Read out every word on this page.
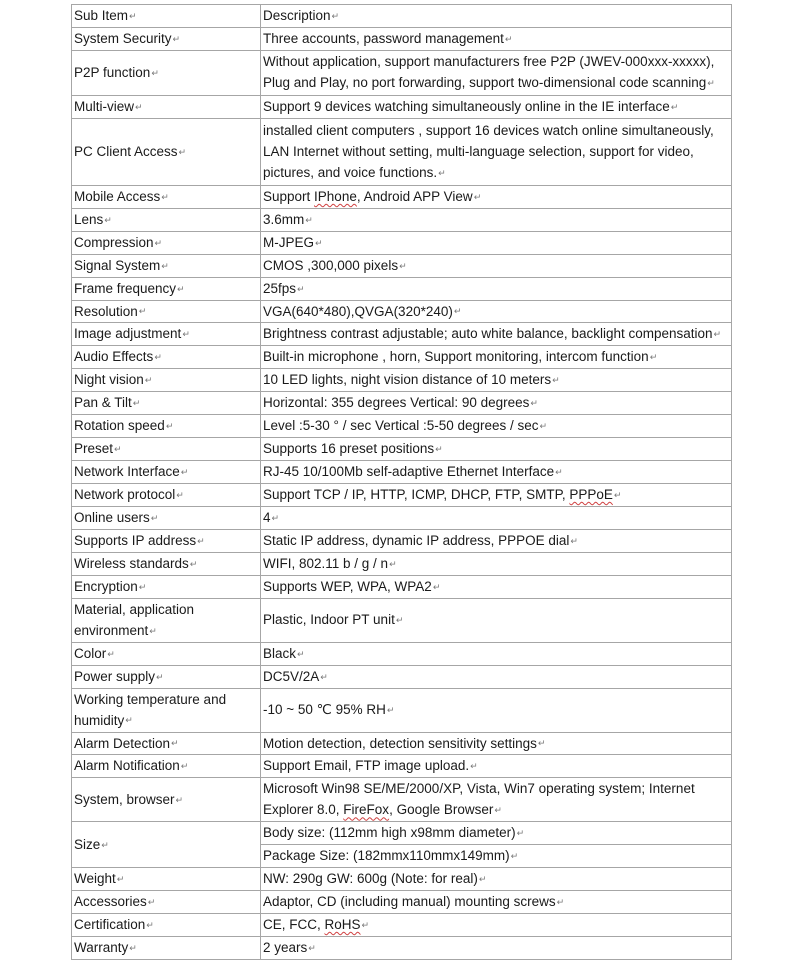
Sub Item↵	Description↵
System Security↵	Three accounts, password management↵
P2P function↵	Without application, support manufacturers free P2P (JWEV-000xxx-xxxxx), Plug and Play, no port forwarding, support two-dimensional code scanning↵
Multi-view↵	Support 9 devices watching simultaneously online in the IE interface↵
PC Client Access↵	installed client computers , support 16 devices watch online simultaneously, LAN Internet without setting, multi-language selection, support for video, pictures, and voice functions.↵
Mobile Access↵	Support IPhone, Android APP View↵
Lens↵	3.6mm↵
Compression↵	M-JPEG↵
Signal System↵	CMOS ,300,000 pixels↵
Frame frequency↵	25fps↵
Resolution↵	VGA(640*480),QVGA(320*240)↵
Image adjustment↵	Brightness contrast adjustable; auto white balance, backlight compensation↵
Audio Effects↵	Built-in microphone , horn, Support monitoring, intercom function↵
Night vision↵	10 LED lights, night vision distance of 10 meters↵
Pan & Tilt↵	Horizontal: 355 degrees Vertical: 90 degrees↵
Rotation speed↵	Level :5-30 ° / sec Vertical :5-50 degrees / sec↵
Preset↵	Supports 16 preset positions↵
Network Interface↵	RJ-45 10/100Mb self-adaptive Ethernet Interface↵
Network protocol↵	Support TCP / IP, HTTP, ICMP, DHCP, FTP, SMTP, PPPoE↵
Online users↵	4↵
Supports IP address↵	Static IP address, dynamic IP address, PPPOE dial↵
Wireless standards↵	WIFI, 802.11 b / g / n↵
Encryption↵	Supports WEP, WPA, WPA2↵
Material, application environment↵	Plastic, Indoor PT unit↵
Color↵	Black↵
Power supply↵	DC5V/2A↵
Working temperature and humidity↵	-10 ~ 50 ℃ 95% RH↵
Alarm Detection↵	Motion detection, detection sensitivity settings↵
Alarm Notification↵	Support Email, FTP image upload.↵
System, browser↵	Microsoft Win98 SE/ME/2000/XP, Vista, Win7 operating system; Internet Explorer 8.0, FireFox, Google Browser↵
Size↵	Body size: (112mm high x98mm diameter)↵
	Package Size: (182mmx110mmx149mm)↵
Weight↵	NW: 290g GW: 600g (Note: for real)↵
Accessories↵	Adaptor, CD (including manual) mounting screws↵
Certification↵	CE, FCC, RoHS↵
Warranty↵	2 years↵
